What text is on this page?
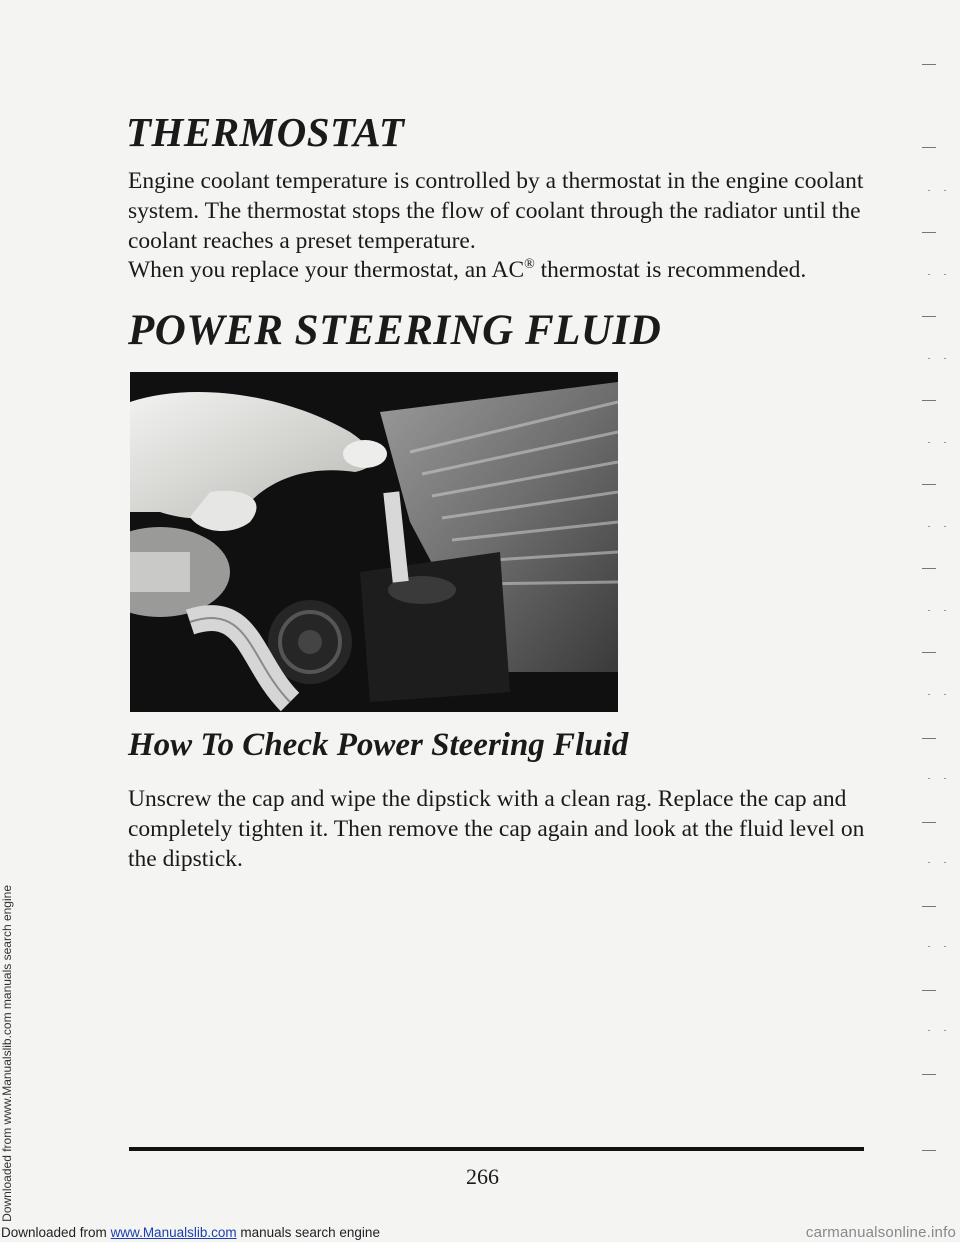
Downloaded from www.Manualslib.com manuals search engine
THERMOSTAT

Engine coolant temperature is controlled by a thermostat in the engine coolant system. The thermostat stops the flow of coolant through the radiator until the coolant reaches a preset temperature.

When you replace your thermostat, an AC® thermostat is recommended.

POWER STEERING FLUID
How To Check Power Steering Fluid

Unscrew the cap and wipe the dipstick with a clean rag. Replace the cap and completely tighten it. Then remove the cap again and look at the fluid level on the dipstick.

266
Downloaded from www.Manualslib.com manuals search engine	carmanualsonline.info
